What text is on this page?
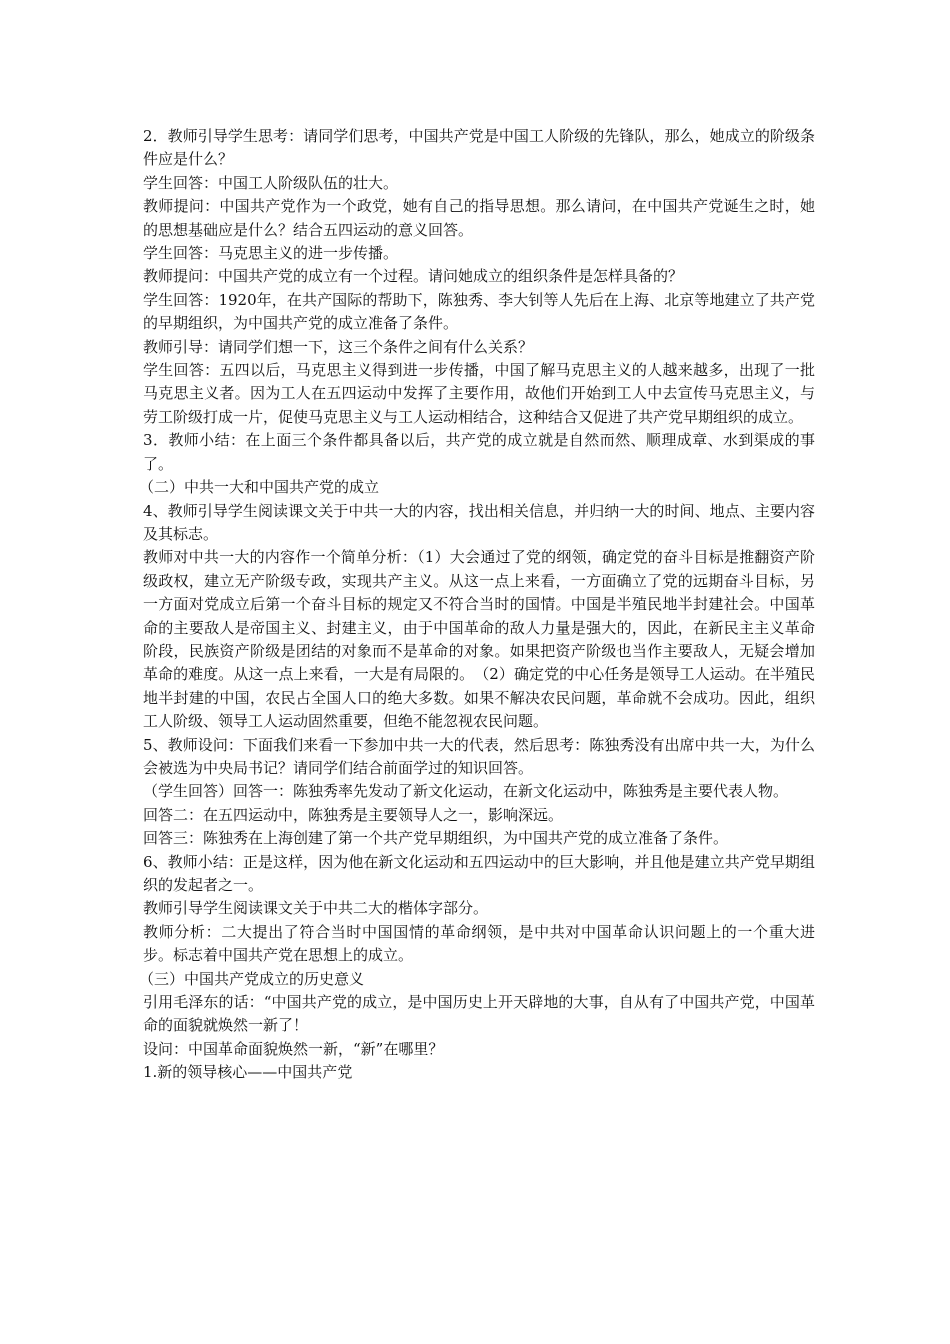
2．教师引导学生思考：请同学们思考，中国共产党是中国工人阶级的先锋队，那么，她成立的阶级条件应是什么？

学生回答：中国工人阶级队伍的壮大。

教师提问：中国共产党作为一个政党，她有自己的指导思想。那么请问，在中国共产党诞生之时，她的思想基础应是什么？结合五四运动的意义回答。

学生回答：马克思主义的进一步传播。

教师提问：中国共产党的成立有一个过程。请问她成立的组织条件是怎样具备的？

学生回答：1920年，在共产国际的帮助下，陈独秀、李大钊等人先后在上海、北京等地建立了共产党的早期组织，为中国共产党的成立准备了条件。

教师引导：请同学们想一下，这三个条件之间有什么关系？

学生回答：五四以后，马克思主义得到进一步传播，中国了解马克思主义的人越来越多，出现了一批马克思主义者。因为工人在五四运动中发挥了主要作用，故他们开始到工人中去宣传马克思主义，与劳工阶级打成一片，促使马克思主义与工人运动相结合，这种结合又促进了共产党早期组织的成立。

3．教师小结：在上面三个条件都具备以后，共产党的成立就是自然而然、顺理成章、水到渠成的事了。

（二）中共一大和中国共产党的成立

4、教师引导学生阅读课文关于中共一大的内容，找出相关信息，并归纳一大的时间、地点、主要内容及其标志。

教师对中共一大的内容作一个简单分析：（1）大会通过了党的纲领，确定党的奋斗目标是推翻资产阶级政权，建立无产阶级专政，实现共产主义。从这一点上来看，一方面确立了党的远期奋斗目标，另一方面对党成立后第一个奋斗目标的规定又不符合当时的国情。中国是半殖民地半封建社会。中国革命的主要敌人是帝国主义、封建主义，由于中国革命的敌人力量是强大的，因此，在新民主主义革命阶段，民族资产阶级是团结的对象而不是革命的对象。如果把资产阶级也当作主要敌人，无疑会增加革命的难度。从这一点上来看，一大是有局限的。　（2）确定党的中心任务是领导工人运动。在半殖民地半封建的中国，农民占全国人口的绝大多数。如果不解决农民问题，革命就不会成功。因此，组织工人阶级、领导工人运动固然重要，但绝不能忽视农民问题。

5、教师设问：下面我们来看一下参加中共一大的代表，然后思考：陈独秀没有出席中共一大，为什么会被选为中央局书记？请同学们结合前面学过的知识回答。

（学生回答）回答一：陈独秀率先发动了新文化运动，在新文化运动中，陈独秀是主要代表人物。

回答二：在五四运动中，陈独秀是主要领导人之一，影响深远。

回答三：陈独秀在上海创建了第一个共产党早期组织，为中国共产党的成立准备了条件。

6、教师小结：正是这样，因为他在新文化运动和五四运动中的巨大影响，并且他是建立共产党早期组织的发起者之一。

教师引导学生阅读课文关于中共二大的楷体字部分。

教师分析：二大提出了符合当时中国国情的革命纲领，是中共对中国革命认识问题上的一个重大进步。标志着中国共产党在思想上的成立。

（三）中国共产党成立的历史意义

引用毛泽东的话：“中国共产党的成立，是中国历史上开天辟地的大事，自从有了中国共产党，中国革命的面貌就焕然一新了！

设问：中国革命面貌焕然一新，“新”在哪里？

1.新的领导核心——中国共产党
